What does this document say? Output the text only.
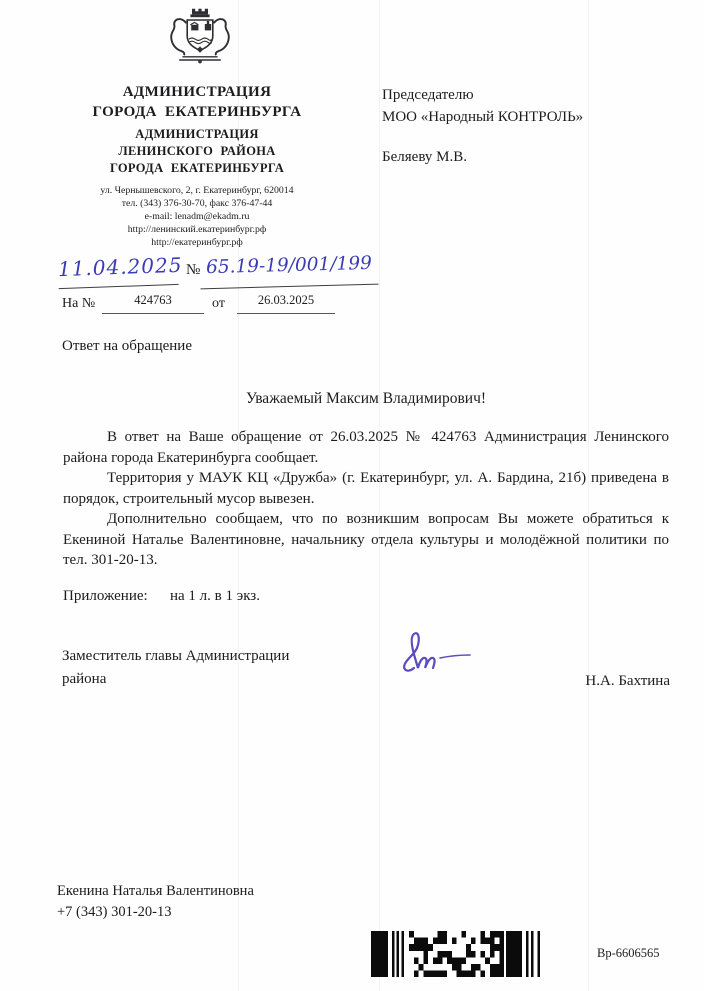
АДМИНИСТРАЦИЯ
ГОРОДА ЕКАТЕРИНБУРГА
АДМИНИСТРАЦИЯ
ЛЕНИНСКОГО РАЙОНА
ГОРОДА ЕКАТЕРИНБУРГА
ул. Чернышевского, 2, г. Екатеринбург, 620014
тел. (343) 376-30-70, факс 376-47-44
e-mail: lenadm@ekadm.ru
http://ленинский.екатеринбург.рф
http://екатеринбург.рф
Председателю
МОО «Народный КОНТРОЛЬ»
Беляеву М.В.
11.04.2025 № 65.19-19/001/199
На №	424763	от	26.03.2025
Ответ на обращение
Уважаемый Максим Владимирович!

В ответ на Ваше обращение от 26.03.2025 № 424763 Администрация Ленинского района города Екатеринбурга сообщает.

Территория у МАУК КЦ «Дружба» (г. Екатеринбург, ул. А. Бардина, 21б) приведена в порядок, строительный мусор вывезен.

Дополнительно сообщаем, что по возникшим вопросам Вы можете обратиться к Екениной Наталье Валентиновне, начальнику отдела культуры и молодёжной политики по тел. 301-20-13.

Приложение: на 1 л. в 1 экз.
Заместитель главы Администрации
района	Н.А. Бахтина
Екенина Наталья Валентиновна
+7 (343) 301-20-13
Вр-6606565
